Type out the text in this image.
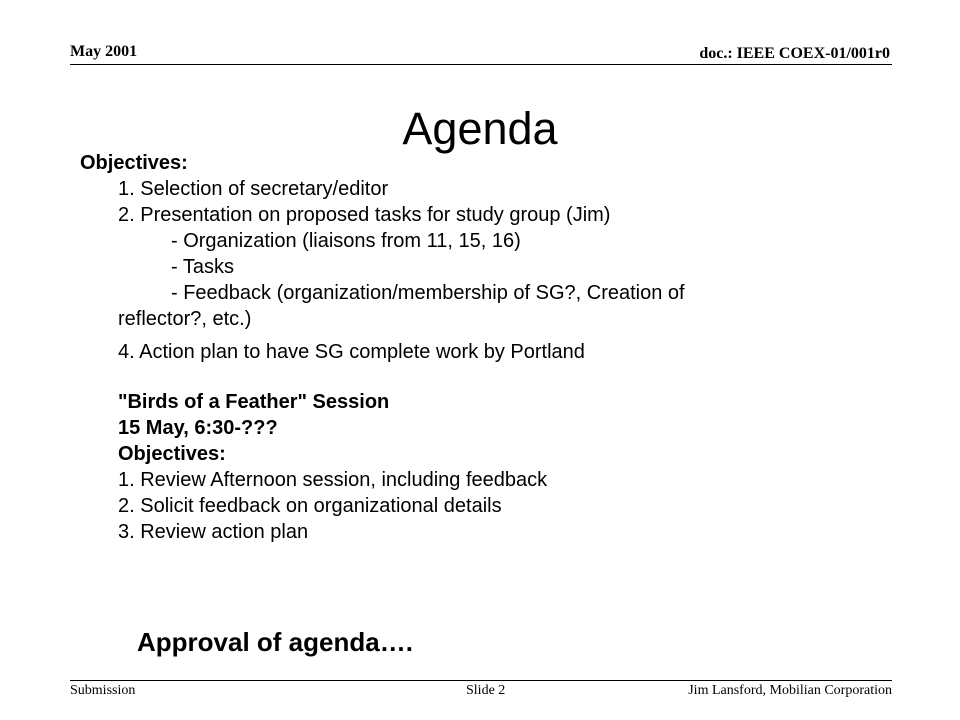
May 2001	doc.: IEEE COEX-01/001r0
Agenda
Objectives:
1. Selection of secretary/editor
2. Presentation on proposed tasks for study group (Jim)
- Organization (liaisons from 11, 15, 16)
- Tasks
- Feedback (organization/membership of SG?, Creation of
reflector?, etc.)
4. Action plan to have SG complete work by Portland
"Birds of a Feather" Session
15 May, 6:30-???
Objectives:
1. Review Afternoon session, including feedback
2. Solicit feedback on organizational details
3. Review action plan
Approval of agenda….
Submission	Slide 2	Jim Lansford, Mobilian Corporation
